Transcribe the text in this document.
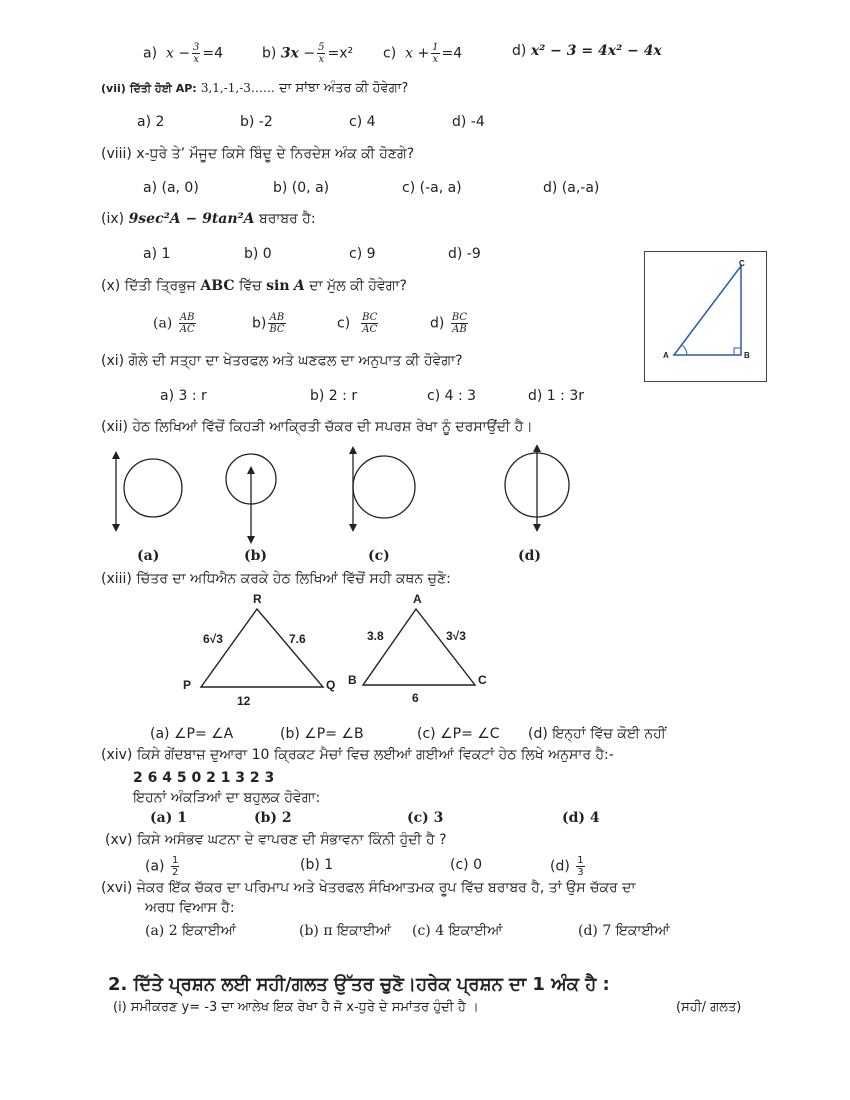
a) $x - \frac{3}{x} =4$	b) $3x - \frac{5}{x} =x^2$ c) $x + \frac{1}{x} =4$	d) x² − 3 = 4x² − 4x
(vii) ਦਿੱਤੀ ਹੋਈ AP: 3,1,-1,-3…… ਦਾ ਸਾਂਝਾ ਅੰਤਰ ਕੀ ਹੋਵੇਗਾ?
a) 2	b) -2	c) 4	d) -4
(viii) x-ਧੁਰੇ ਤੇ’ ਮੌਜੂਦ ਕਿਸੇ ਬਿੰਦੂ ਦੇ ਨਿਰਦੇਸ਼ ਅੰਕ ਕੀ ਹੋਣਗੇ?
a) (a, 0)	b) (0, a)	c) (-a, a)	d) (a,-a)
(ix) 9sec²A − 9tan²A ਬਰਾਬਰ ਹੈ:
a) 1	b) 0	c) 9	d) -9
(x) ਦਿੱਤੀ ਤ੍ਰਿਭੁਜ ABC ਵਿੱਚ sin A ਦਾ ਮੁੱਲ ਕੀ ਹੋਵੇਗਾ?
$(a) \frac{AB}{AC}$	$b) \frac{AB}{BC}$	$c) \frac{BC}{AC}$	$d) \frac{BC}{AB}$
C
A	B
(xi) ਗੋਲੇ ਦੀ ਸਤ੍ਹਾ ਦਾ ਖੇਤਰਫਲ ਅਤੇ ਘਣਫਲ ਦਾ ਅਨੁਪਾਤ ਕੀ ਹੋਵੇਗਾ?
a) 3 : r	b) 2 : r	c) 4 : 3	d) 1 : 3r
(xii) ਹੇਠ ਲਿਖਿਆਂ ਵਿੱਚੋਂ ਕਿਹੜੀ ਆਕ੍ਰਿਤੀ ਚੱਕਰ ਦੀ ਸਪਰਸ਼ ਰੇਖਾ ਨੂੰ ਦਰਸਾਉਂਦੀ ਹੈ।
(a)	(b)	(c)	(d)
(xiii) ਚਿੱਤਰ ਦਾ ਅਧਿਐਨ ਕਰਕੇ ਹੇਠ ਲਿਖਿਆਂ ਵਿੱਚੋਂ ਸਹੀ ਕਥਨ ਚੁਣੋ:
R
P	Q
6√3	7.6
12
A
B	C
3.8	3√3
6
(a) ∠P= ∠A	(b) ∠P= ∠B	(c) ∠P= ∠C (d) ਇਨ੍ਹਾਂ ਵਿੱਚ ਕੋਈ ਨਹੀਂ
(xiv) ਕਿਸੇ ਗੇਂਦਬਾਜ਼ ਦੁਆਰਾ 10 ਕ੍ਰਿਕਟ ਮੈਚਾਂ ਵਿਚ ਲਈਆਂ ਗਈਆਂ ਵਿਕਟਾਂ ਹੇਠ ਲਿਖੇ ਅਨੁਸਾਰ ਹੈ:-
2 6 4 5 0 2 1 3 2 3
ਇਹਨਾਂ ਅੰਕੜਿਆਂ ਦਾ ਬਹੁਲਕ ਹੋਵੇਗਾ:
(a) 1	(b) 2	(c) 3	(d) 4
(xv) ਕਿਸੇ ਅਸੰਭਵ ਘਟਨਾ ਦੇ ਵਾਪਰਣ ਦੀ ਸੰਭਾਵਨਾ ਕਿੰਨੀ ਹੁੰਦੀ ਹੈ ?
$(a) \frac{1}{2}$	(b) 1	(c) 0	$(d) \frac{1}{3}$
(xvi) ਜੇਕਰ ਇੱਕ ਚੱਕਰ ਦਾ ਪਰਿਮਾਪ ਅਤੇ ਖੇਤਰਫਲ ਸੰਖਿਆਤਮਕ ਰੂਪ ਵਿੱਚ ਬਰਾਬਰ ਹੈ, ਤਾਂ ਉਸ ਚੱਕਰ ਦਾ
ਅਰਧ ਵਿਆਸ ਹੈ:
(a) 2 ਇਕਾਈਆਂ	(b) π ਇਕਾਈਆਂ (c) 4 ਇਕਾਈਆਂ	(d) 7 ਇਕਾਈਆਂ
2. ਦਿੱਤੇ ਪ੍ਰਸ਼ਨ ਲਈ ਸਹੀ/ਗਲਤ ਉੱਤਰ ਚੁਣੋ।ਹਰੇਕ ਪ੍ਰਸ਼ਨ ਦਾ 1 ਅੰਕ ਹੈ :
(i) ਸਮੀਕਰਣ y= -3 ਦਾ ਆਲੇਖ ਇਕ ਰੇਖਾ ਹੈ ਜੋ x-ਧੁਰੇ ਦੇ ਸਮਾਂਤਰ ਹੁੰਦੀ ਹੈ ।	(ਸਹੀ/ ਗਲਤ)
